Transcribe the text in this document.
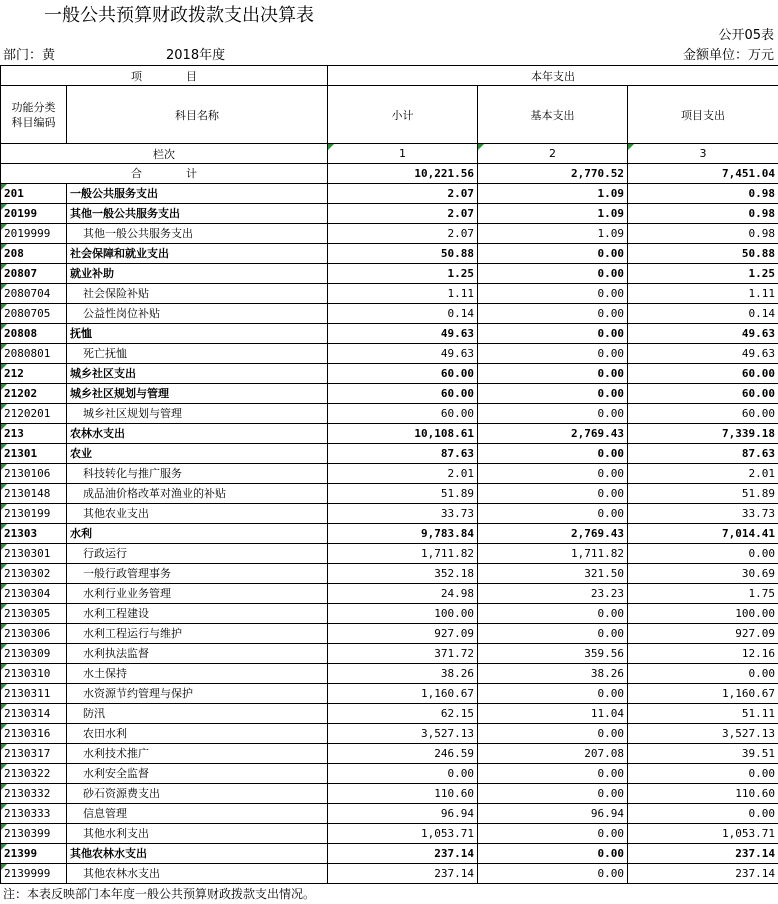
一般公共预算财政拨款支出决算表
公开05表
部门：黄	2018年度	金额单位：万元
项　　　　目		本年支出		
功能分类
科目编码	科目名称	小计	基本支出	项目支出
栏次		1	2	3
合　　　　计		10,221.56	2,770.52	7,451.04
201	一般公共服务支出	2.07	1.09	0.98
20199	其他一般公共服务支出	2.07	1.09	0.98
2019999	其他一般公共服务支出	2.07	1.09	0.98
208	社会保障和就业支出	50.88	0.00	50.88
20807	就业补助	1.25	0.00	1.25
2080704	社会保险补贴	1.11	0.00	1.11
2080705	公益性岗位补贴	0.14	0.00	0.14
20808	抚恤	49.63	0.00	49.63
2080801	死亡抚恤	49.63	0.00	49.63
212	城乡社区支出	60.00	0.00	60.00
21202	城乡社区规划与管理	60.00	0.00	60.00
2120201	城乡社区规划与管理	60.00	0.00	60.00
213	农林水支出	10,108.61	2,769.43	7,339.18
21301	农业	87.63	0.00	87.63
2130106	科技转化与推广服务	2.01	0.00	2.01
2130148	成品油价格改革对渔业的补贴	51.89	0.00	51.89
2130199	其他农业支出	33.73	0.00	33.73
21303	水利	9,783.84	2,769.43	7,014.41
2130301	行政运行	1,711.82	1,711.82	0.00
2130302	一般行政管理事务	352.18	321.50	30.69
2130304	水利行业业务管理	24.98	23.23	1.75
2130305	水利工程建设	100.00	0.00	100.00
2130306	水利工程运行与维护	927.09	0.00	927.09
2130309	水利执法监督	371.72	359.56	12.16
2130310	水土保持	38.26	38.26	0.00
2130311	水资源节约管理与保护	1,160.67	0.00	1,160.67
2130314	防汛	62.15	11.04	51.11
2130316	农田水利	3,527.13	0.00	3,527.13
2130317	水利技术推广	246.59	207.08	39.51
2130322	水利安全监督	0.00	0.00	0.00
2130332	砂石资源费支出	110.60	0.00	110.60
2130333	信息管理	96.94	96.94	0.00
2130399	其他水利支出	1,053.71	0.00	1,053.71
21399	其他农林水支出	237.14	0.00	237.14
2139999	其他农林水支出	237.14	0.00	237.14
注：本表反映部门本年度一般公共预算财政拨款支出情况。
